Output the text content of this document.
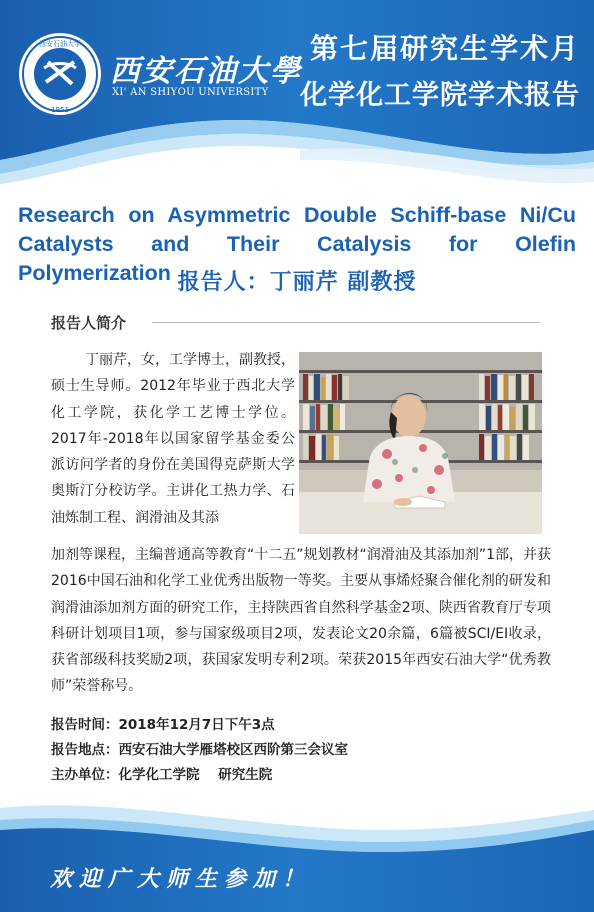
西安石油大学
1951
西安石油大學
XI' AN SHIYOU UNIVERSITY
第七届研究生学术月
化学化工学院学术报告
Research on Asymmetric Double Schiff-base Ni/Cu Catalysts and Their Catalysis for Olefin Polymerization 报告人：丁丽芹 副教授
报告人简介
丁丽芹，女，工学博士，副教授，硕士生导师。2012年毕业于西北大学化工学院，获化学工艺博士学位。2017年-2018年以国家留学基金委公派访问学者的身份在美国得克萨斯大学奥斯汀分校访学。主讲化工热力学、石油炼制工程、润滑油及其添
加剂等课程，主编普通高等教育“十二五”规划教材“润滑油及其添加剂”1部，并获2016中国石油和化学工业优秀出版物一等奖。主要从事烯烃聚合催化剂的研发和润滑油添加剂方面的研究工作，主持陕西省自然科学基金2项、陕西省教育厅专项科研计划项目1项，参与国家级项目2项，发表论文20余篇，6篇被SCI/EI收录，获省部级科技奖励2项，获国家发明专利2项。荣获2015年西安石油大学“优秀教师”荣誉称号。
报告时间：2018年12月7日下午3点
报告地点：西安石油大学雁塔校区西阶第三会议室
主办单位：化学化工学院    研究生院
欢迎广大师生参加！
